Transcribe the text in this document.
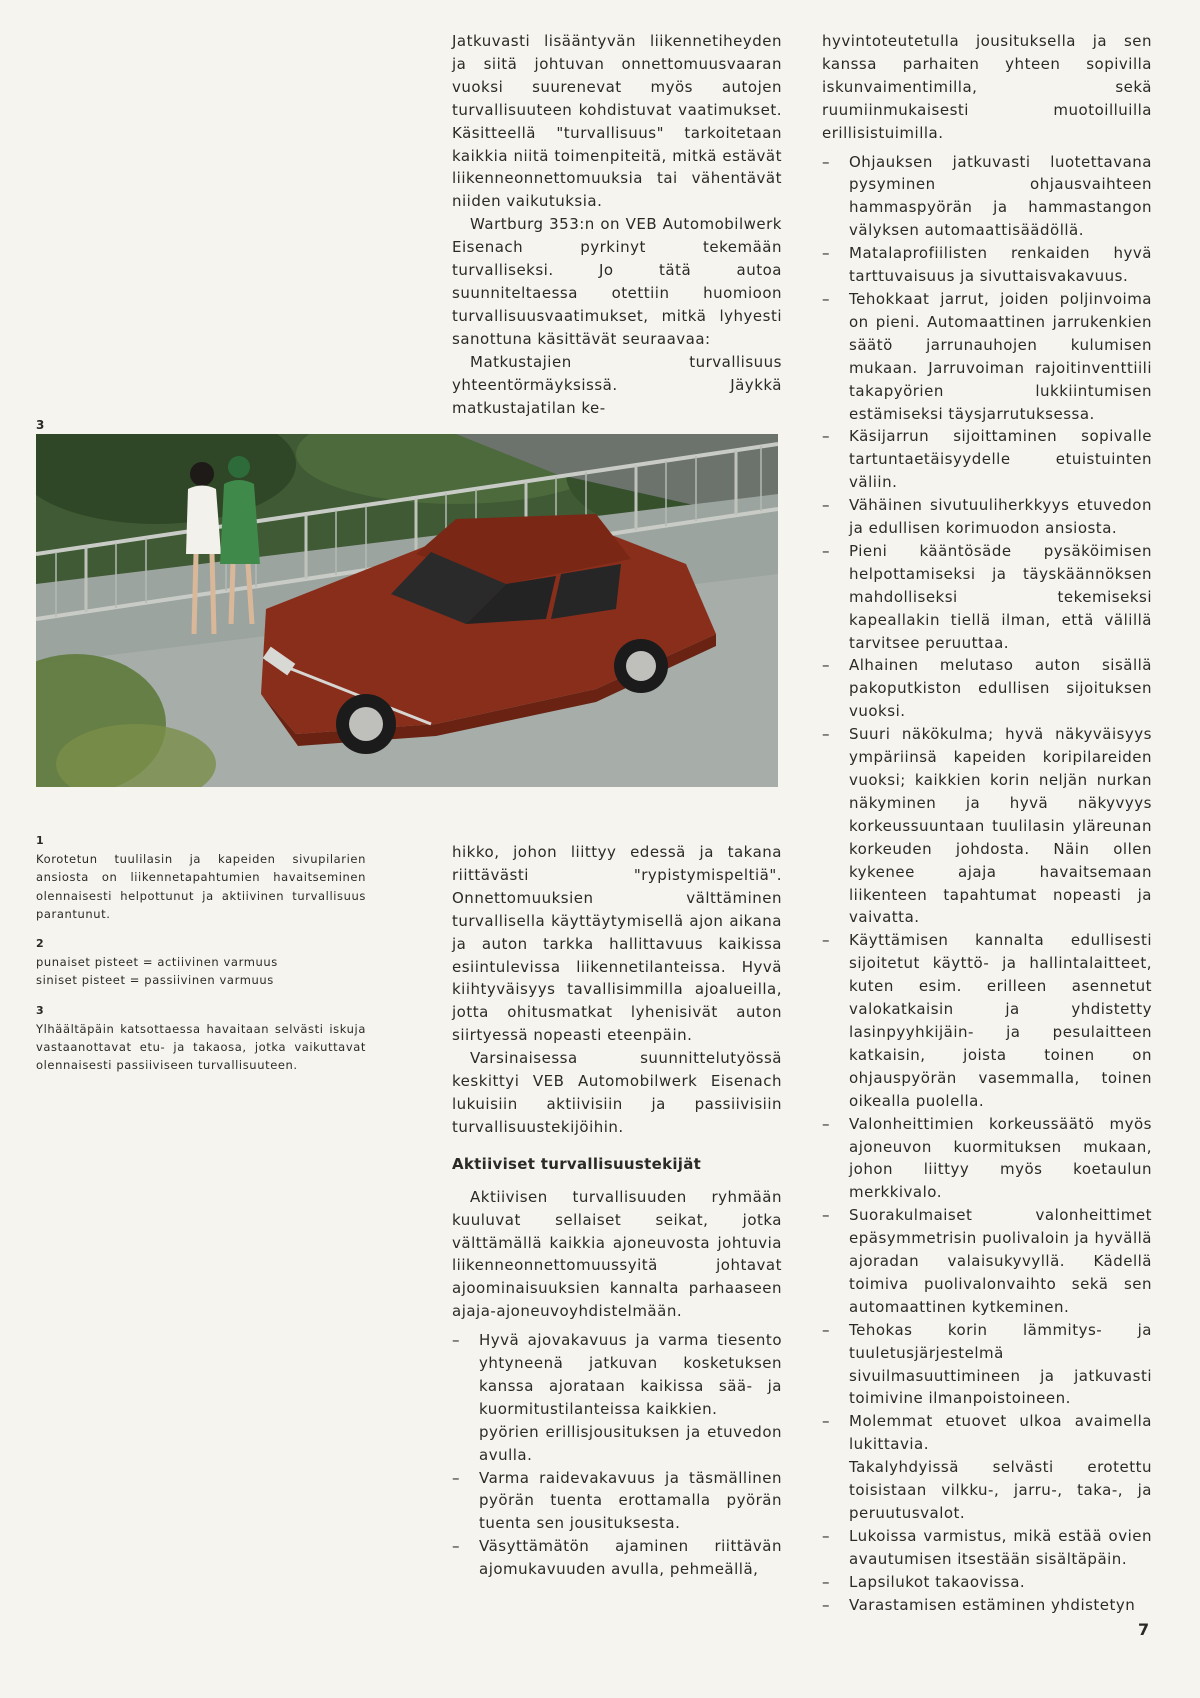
3
1
Korotetun tuulilasin ja kapeiden sivupilarien ansiosta on liikennetapahtumien havaitseminen olennaisesti helpottunut ja aktiivinen turvallisuus parantunut.
2
punaiset pisteet = actiivinen varmuus
siniset pisteet = passiivinen varmuus
3
Ylhäältäpäin katsottaessa havaitaan selvästi iskuja vastaanottavat etu- ja takaosa, jotka vaikuttavat olennaisesti passiiviseen turvallisuuteen.

Jatkuvasti lisääntyvän liikennetiheyden ja siitä johtuvan onnettomuusvaaran vuoksi suurenevat myös autojen turvallisuuteen kohdistuvat vaatimukset. Käsitteellä "turvallisuus" tarkoitetaan kaikkia niitä toimenpiteitä, mitkä estävät liikenneonnettomuuksia tai vähentävät niiden vaikutuksia.

Wartburg 353:n on VEB Automobilwerk Eisenach pyrkinyt tekemään turvalliseksi. Jo tätä autoa suunniteltaessa otettiin huomioon turvallisuusvaatimukset, mitkä lyhyesti sanottuna käsittävät seuraavaa:

Matkustajien turvallisuus yhteentörmäyksissä. Jäykkä matkustajatilan ke-

hikko, johon liittyy edessä ja takana riittävästi "rypistymispeltiä". Onnettomuuksien välttäminen turvallisella käyttäytymisellä ajon aikana ja auton tarkka hallittavuus kaikissa esiintulevissa liikennetilanteissa. Hyvä kiihtyväisyys tavallisimmilla ajoalueilla, jotta ohitusmatkat lyhenisivät auton siirtyessä nopeasti eteenpäin.

Varsinaisessa suunnittelutyössä keskittyi VEB Automobilwerk Eisenach lukuisiin aktiivisiin ja passiivisiin turvallisuustekijöihin.

Aktiiviset turvallisuustekijät

Aktiivisen turvallisuuden ryhmään kuuluvat sellaiset seikat, jotka välttämällä kaikkia ajoneuvosta johtuvia liikenneonnettomuussyitä johtavat ajoominaisuuksien kannalta parhaaseen ajaja-ajoneuvoyhdistelmään.

– Hyvä ajovakavuus ja varma tiesento yhtyneenä jatkuvan kosketuksen kanssa ajorataan kaikissa sää- ja kuormitustilanteissa kaikkien.
pyörien erillisjousituksen ja etuvedon avulla.
– Varma raidevakavuus ja täsmällinen pyörän tuenta erottamalla pyörän tuenta sen jousituksesta.
– Väsyttämätön ajaminen riittävän ajomukavuuden avulla, pehmeällä,

hyvintoteutetulla jousituksella ja sen kanssa parhaiten yhteen sopivilla iskunvaimentimilla, sekä ruumiinmukaisesti muotoilluilla erillisistuimilla.

– Ohjauksen jatkuvasti luotettavana pysyminen ohjausvaihteen hammaspyörän ja hammastangon välyksen automaattisäädöllä.
– Matalaprofiilisten renkaiden hyvä tarttuvaisuus ja sivuttaisvakavuus.
– Tehokkaat jarrut, joiden poljinvoima on pieni. Automaattinen jarrukenkien säätö jarrunauhojen kulumisen mukaan. Jarruvoiman rajoitinventtiili takapyörien lukkiintumisen estämiseksi täysjarrutuksessa.
– Käsijarrun sijoittaminen sopivalle tartuntaetäisyydelle etuistuinten väliin.
– Vähäinen sivutuuliherkkyys etuvedon ja edullisen korimuodon ansiosta.
– Pieni kääntösäde pysäköimisen helpottamiseksi ja täyskäännöksen mahdolliseksi tekemiseksi kapeallakin tiellä ilman, että välillä tarvitsee peruuttaa.
– Alhainen melutaso auton sisällä pakoputkiston edullisen sijoituksen vuoksi.
– Suuri näkökulma; hyvä näkyväisyys ympäriinsä kapeiden koripilareiden vuoksi; kaikkien korin neljän nurkan näkyminen ja hyvä näkyvyys korkeussuuntaan tuulilasin yläreunan korkeuden johdosta. Näin ollen kykenee ajaja havaitsemaan liikenteen tapahtumat nopeasti ja vaivatta.
– Käyttämisen kannalta edullisesti sijoitetut käyttö- ja hallintalaitteet, kuten esim. erilleen asennetut valokatkaisin ja yhdistetty lasinpyyhkijäin- ja pesulaitteen katkaisin, joista toinen on ohjauspyörän vasemmalla, toinen oikealla puolella.
– Valonheittimien korkeussäätö myös ajoneuvon kuormituksen mukaan, johon liittyy myös koetaulun merkkivalo.
– Suorakulmaiset valonheittimet epäsymmetrisin puolivaloin ja hyvällä ajoradan valaisukyvyllä. Kädellä toimiva puolivalonvaihto sekä sen automaattinen kytkeminen.
– Tehokas korin lämmitys- ja tuuletusjärjestelmä sivuilmasuuttimineen ja jatkuvasti toimivine ilmanpoistoineen.
– Molemmat etuovet ulkoa avaimella lukittavia.
Takalyhdyissä selvästi erotettu toisistaan vilkku-, jarru-, taka-, ja peruutusvalot.
– Lukoissa varmistus, mikä estää ovien avautumisen itsestään sisältäpäin.
– Lapsilukot takaovissa.
– Varastamisen estäminen yhdistetyn
7
